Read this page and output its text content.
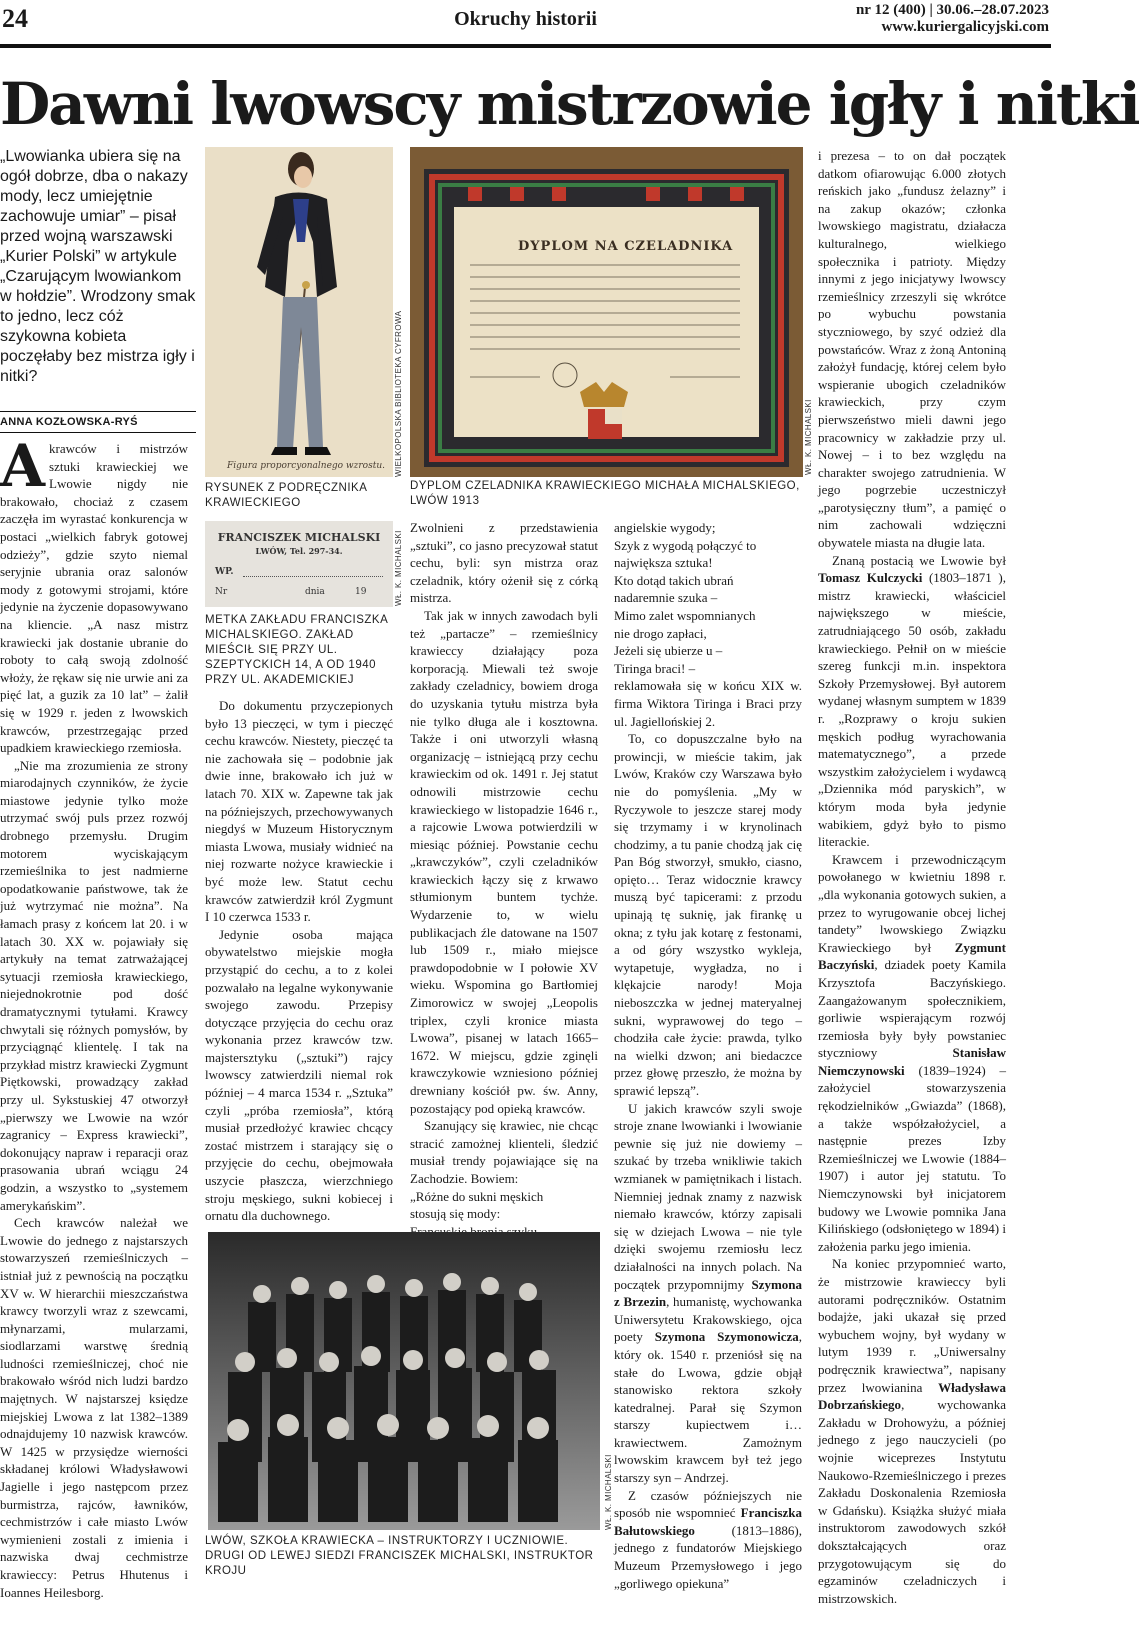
24	Okruchy historii	nr 12 (400) | 30.06.–28.07.2023
www.kuriergalicyjski.com
Dawni lwowscy mistrzowie igły i nitki
„Lwowianka ubiera się na ogół dobrze, dba o nakazy mody, lecz umiejętnie zachowuje umiar” – pisał przed wojną warszawski „Kurier Polski” w artykule „Czarującym lwowiankom w hołdzie”. Wrodzony smak to jedno, lecz cóż szykowna kobieta poczęłaby bez mistrza igły i nitki?
ANNA KOZŁOWSKA-RYŚ

Akrawców i mistrzów sztuki krawieckiej we Lwowie nigdy nie brakowało, chociaż z czasem zaczęła im wyrastać konkurencja w postaci „wielkich fabryk gotowej odzieży”, gdzie szyto niemal seryjnie ubrania oraz salonów mody z gotowymi strojami, które jedynie na życzenie dopasowywano na kliencie. „A nasz mistrz krawiecki jak dostanie ubranie do roboty to całą swoją zdolność włoży, że rękaw się nie urwie ani za pięć lat, a guzik za 10 lat” – żalił się w 1929 r. jeden z lwowskich krawców, przestrzegając przed upadkiem krawieckiego rzemiosła.

„Nie ma zrozumienia ze strony miarodajnych czynników, że życie miastowe jedynie tylko może utrzymać swój puls przez rozwój drobnego przemysłu. Drugim motorem wyciskającym rzemieślnika to jest nadmierne opodatkowanie państwowe, tak że już wytrzymać nie można”. Na łamach prasy z końcem lat 20. i w latach 30. XX w. pojawiały się artykuły na temat zatrważającej sytuacji rzemiosła krawieckiego, niejednokrotnie pod dość dramatycznymi tytułami. Krawcy chwytali się różnych pomysłów, by przyciągnąć klientelę. I tak na przykład mistrz krawiecki Zygmunt Piętkowski, prowadzący zakład przy ul. Sykstuskiej 47 otworzył „pierwszy we Lwowie na wzór zagranicy – Express krawiecki”, dokonujący napraw i reparacji oraz prasowania ubrań wciągu 24 godzin, a wszystko to „systemem amerykańskim”.

Cech krawców należał we Lwowie do jednego z najstarszych stowarzyszeń rzemieślniczych – istniał już z pewnością na początku XV w. W hierarchii mieszczaństwa krawcy tworzyli wraz z szewcami, młynarzami, mularzami, siodlarzami warstwę średnią ludności rzemieślniczej, choć nie brakowało wśród nich ludzi bardzo majętnych. W najstarszej księdze miejskiej Lwowa z lat 1382–1389 odnajdujemy 10 nazwisk krawców. W 1425 w przysiędze wierności składanej królowi Władysławowi Jagielle i jego następcom przez burmistrza, rajców, ławników, cechmistrzów i całe miasto Lwów wymienieni zostali z imienia i nazwiska dwaj cechmistrze krawieccy: Petrus Hhutenus i Ioannes Heilesborg.

Figura proporcyonalnego wzrostu. WIELKOPOLSKA BIBLIOTEKA CYFROWA
RYSUNEK Z PODRĘCZNIKA KRAWIECKIEGO
FRANCISZEK MICHALSKI
LWÓW, Tel. 297-34.
WP.
Nr	dnia	19	WŁ. K. MICHALSKI
METKA ZAKŁADU FRANCISZKA MICHALSKIEGO. ZAKŁAD MIEŚCIŁ SIĘ PRZY UL. SZEPTYCKICH 14, A OD 1940 PRZY UL. AKADEMICKIEJ
DYPLOM NA CZELADNIKA
WŁ. K. MICHALSKI
DYPLOM CZELADNIKA KRAWIECKIEGO MICHAŁA MICHALSKIEGO, LWÓW 1913

Do dokumentu przyczepionych było 13 pieczęci, w tym i pieczęć cechu krawców. Niestety, pieczęć ta nie zachowała się – podobnie jak dwie inne, brakowało ich już w latach 70. XIX w. Zapewne tak jak na późniejszych, przechowywanych niegdyś w Muzeum Historycznym miasta Lwowa, musiały widnieć na niej rozwarte nożyce krawieckie i być może lew. Statut cechu krawców zatwierdził król Zygmunt I 10 czerwca 1533 r.

Jedynie osoba mająca obywatelstwo miejskie mogła przystąpić do cechu, a to z kolei pozwalało na legalne wykonywanie swojego zawodu. Przepisy dotyczące przyjęcia do cechu oraz wykonania przez krawców tzw. majstersztyku („sztuki”) rajcy lwowscy zatwierdzili niemal rok później – 4 marca 1534 r. „Sztuka” czyli „próba rzemiosła”, którą musiał przedłożyć krawiec chcący zostać mistrzem i starający się o przyjęcie do cechu, obejmowała uszycie płaszcza, wierzchniego stroju męskiego, sukni kobiecej i ornatu dla duchownego.

Zwolnieni z przedstawienia „sztuki”, co jasno precyzował statut cechu, byli: syn mistrza oraz czeladnik, który ożenił się z córką mistrza.

Tak jak w innych zawodach byli też „partacze” – rzemieślnicy krawieccy działający poza korporacją. Miewali też swoje zakłady czeladnicy, bowiem droga do uzyskania tytułu mistrza była nie tylko długa ale i kosztowna. Także i oni utworzyli własną organizację – istniejącą przy cechu krawieckim od ok. 1491 r. Jej statut odnowili mistrzowie cechu krawieckiego w listopadzie 1646 r., a rajcowie Lwowa potwierdzili w miesiąc później. Powstanie cechu „krawczyków”, czyli czeladników krawieckich łączy się z krwawo stłumionym buntem tychże. Wydarzenie to, w wielu publikacjach źle datowane na 1507 lub 1509 r., miało miejsce prawdopodobnie w I połowie XV wieku. Wspomina go Bartłomiej Zimorowicz w swojej „Leopolis triplex, czyli kronice miasta Lwowa”, pisanej w latach 1665–1672. W miejscu, gdzie zginęli krawczykowie wzniesiono później drewniany kościół pw. św. Anny, pozostający pod opieką krawców.

Szanujący się krawiec, nie chcąc stracić zamożnej klienteli, śledzić musiał trendy pojawiające się na Zachodzie. Bowiem:

„Różne do sukni męskich

stosują się mody:

angielskie wygody;

Szyk z wygodą połączyć to

największa sztuka!

Kto dotąd takich ubrań

nadaremnie szuka –

Mimo zalet wspomnianych

nie drogo zapłaci,

Jeżeli się ubierze u –

Tiringa braci! –

reklamowała się w końcu XIX w. firma Wiktora Tiringa i Braci przy ul. Jagiellońskiej 2.

To, co dopuszczalne było na prowincji, w mieście takim, jak Lwów, Kraków czy Warszawa było nie do pomyślenia. „My w Ryczywole to jeszcze starej mody się trzymamy i w krynolinach chodzimy, a tu panie chodzą jak cię Pan Bóg stworzył, smukło, ciasno, opięto… Teraz widocznie krawcy muszą być tapicerami: z przodu upinają tę suknię, jak firankę u okna; z tyłu jak kotarę z festonami, a od góry wszystko wykleja, wytapetuje, wygładza, no i klękajcie narody! Moja nieboszczka w jednej materyalnej sukni, wyprawowej do tego – chodziła całe życie: prawda, tylko na wielki dzwon; ani biedaczce przez głowę przeszło, że można by sprawić lepszą”.

U jakich krawców szyli swoje stroje znane lwowianki i lwowianie pewnie się już nie dowiemy – szukać by trzeba wnikliwie takich wzmianek w pamiętnikach i listach. Niemniej jednak znamy z nazwisk niemało krawców, którzy zapisali się w dziejach Lwowa – nie tyle dzięki swojemu rzemiosłu lecz działalności na innych polach. Na początek przypomnijmy Szymona z Brzezin, humanistę, wychowanka Uniwersytetu Krakowskiego, ojca poety Szymona Szymonowicza, który ok. 1540 r. przeniósł się na stałe do Lwowa, gdzie objął stanowisko rektora szkoły katedralnej. Parał się Szymon starszy kupiectwem i… krawiectwem. Zamożnym lwowskim krawcem był też jego starszy syn – Andrzej.

Z czasów późniejszych nie sposób nie wspomnieć Franciszka Bałutowskiego	(1813–1886), jednego z fundatorów Miejskiego Muzeum Przemysłowego i jego „gorliwego opiekuna”

i prezesa – to on dał początek datkom ofiarowując 6.000 złotych reńskich jako „fundusz żelazny” i na zakup okazów; członka lwowskiego magistratu, działacza kulturalnego, wielkiego społecznika i patrioty. Między innymi z jego inicjatywy lwowscy rzemieślnicy zrzeszyli się wkrótce po wybuchu powstania styczniowego, by szyć odzież dla powstańców. Wraz z żoną Antoniną założył fundację, której celem było wspieranie ubogich czeladników krawieckich, przy czym pierwszeństwo mieli dawni jego pracownicy w zakładzie przy ul. Nowej – i to bez względu na charakter swojego zatrudnienia. W jego pogrzebie uczestniczył „parotysięczny tłum”, a pamięć o nim zachowali wdzięczni obywatele miasta na długie lata.

Znaną postacią we Lwowie był Tomasz Kulczycki (1803–1871 ), mistrz krawiecki, właściciel największego w mieście, zatrudniającego 50 osób, zakładu krawieckiego. Pełnił on w mieście szereg funkcji m.in. inspektora Szkoły Przemysłowej. Był autorem wydanej własnym sumptem w 1839 r. „Rozprawy o kroju sukien męskich podług wyrachowania matematycznego”, a przede wszystkim założycielem i wydawcą „Dziennika mód paryskich”, w którym moda była jedynie wabikiem, gdyż było to pismo literackie.

Krawcem i przewodniczącym powołanego w kwietniu 1898 r. „dla wykonania gotowych sukien, a przez to wyrugowanie obcej lichej tandety” lwowskiego Związku Krawieckiego był Zygmunt Baczyński, dziadek poety Kamila Krzysztofa Baczyńskiego. Zaangażowanym społecznikiem, gorliwie wspierającym rozwój rzemiosła były były powstaniec styczniowy	Stanisław Niemczynowski (1839–1924) – założyciel stowarzyszenia rękodzielników „Gwiazda” (1868), a także współzałożyciel, a następnie prezes Izby Rzemieślniczej we Lwowie (1884–1907) i autor jej statutu. To Niemczynowski był inicjatorem budowy we Lwowie pomnika Jana Kilińskiego (odsłoniętego w 1894) i założenia parku jego imienia.

Na koniec przypomnieć warto, że mistrzowie krawieccy byli autorami podręczników. Ostatnim bodajże, jaki ukazał się przed wybuchem wojny, był wydany w lutym 1939 r. „Uniwersalny podręcznik krawiectwa”, napisany przez lwowianina Władysława Dobrzańskiego, wychowanka Zakładu w Drohowyżu, a później jednego z jego nauczycieli (po wojnie wiceprezes Instytutu Naukowo-Rzemieślniczego i prezes Zakładu Doskonalenia Rzemiosła w Gdańsku). Książka służyć miała instruktorom zawodowych szkół dokształcających oraz przygotowującym się do egzaminów czeladniczych i mistrzowskich.

WŁ. K. MICHALSKI
LWÓW, SZKOŁA KRAWIECKA – INSTRUKTORZY I UCZNIOWIE. DRUGI OD LEWEJ SIEDZI FRANCISZEK MICHALSKI, INSTRUKTOR KROJU
